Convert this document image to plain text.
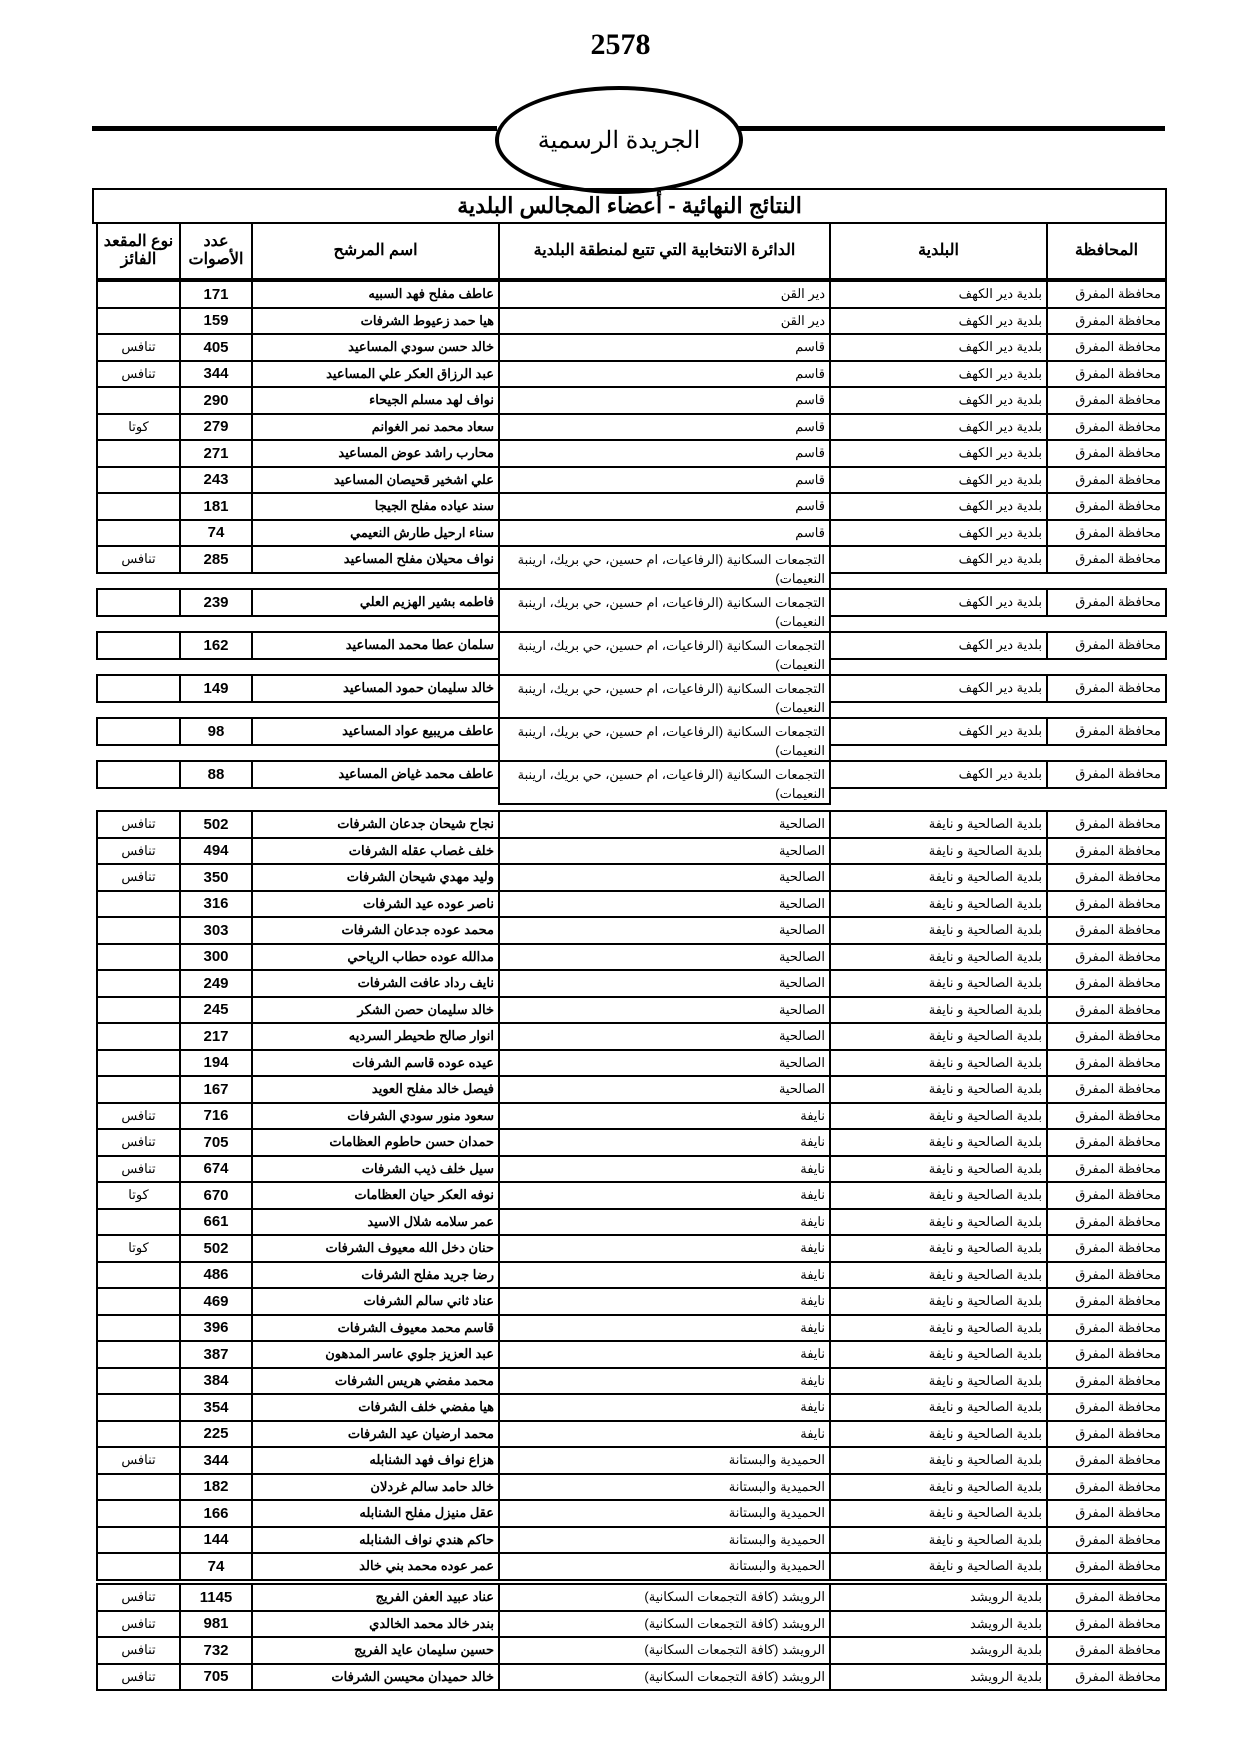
2578
الجريدة الرسمية
النتائج النهائية - أعضاء المجالس البلدية
المحافظة
البلدية
الدائرة الانتخابية التي تتبع لمنطقة البلدية
اسم المرشح
عدد الأصوات
نوع المقعد الفائز
محافظة المفرق
بلدية دير الكهف
دير القن
عاطف مفلح فهد السبيه
171
محافظة المفرق
بلدية دير الكهف
دير القن
هيا حمد زعيوط الشرفات
159
محافظة المفرق
بلدية دير الكهف
قاسم
خالد حسن سودي المساعيد
405
تنافس
محافظة المفرق
بلدية دير الكهف
قاسم
عبد الرزاق العكر علي المساعيد
344
تنافس
محافظة المفرق
بلدية دير الكهف
قاسم
نواف لهد مسلم الجيحاء
290
محافظة المفرق
بلدية دير الكهف
قاسم
سعاد محمد نمر الغوانم
279
كوتا
محافظة المفرق
بلدية دير الكهف
قاسم
محارب راشد عوض المساعيد
271
محافظة المفرق
بلدية دير الكهف
قاسم
علي اشخير قحيصان المساعيد
243
محافظة المفرق
بلدية دير الكهف
قاسم
سند عياده مفلح الجيجا
181
محافظة المفرق
بلدية دير الكهف
قاسم
سناء ارحيل طارش النعيمي
74
محافظة المفرق
بلدية دير الكهف
التجمعات السكانية (الرفاعيات، ام حسين، حي بريك، ارينبة النعيمات)
نواف محيلان مفلح المساعيد
285
تنافس
محافظة المفرق
بلدية دير الكهف
التجمعات السكانية (الرفاعيات، ام حسين، حي بريك، ارينبة النعيمات)
فاطمه بشير الهزيم العلي
239
محافظة المفرق
بلدية دير الكهف
التجمعات السكانية (الرفاعيات، ام حسين، حي بريك، ارينبة النعيمات)
سلمان عطا محمد المساعيد
162
محافظة المفرق
بلدية دير الكهف
التجمعات السكانية (الرفاعيات، ام حسين، حي بريك، ارينبة النعيمات)
خالد سليمان حمود المساعيد
149
محافظة المفرق
بلدية دير الكهف
التجمعات السكانية (الرفاعيات، ام حسين، حي بريك، ارينبة النعيمات)
عاطف مريبيع عواد المساعيد
98
محافظة المفرق
بلدية دير الكهف
التجمعات السكانية (الرفاعيات، ام حسين، حي بريك، ارينبة النعيمات)
عاطف محمد غياض المساعيد
88
محافظة المفرق
بلدية الصالحية و نايفة
الصالحية
نجاح شيحان جدعان الشرفات
502
تنافس
محافظة المفرق
بلدية الصالحية و نايفة
الصالحية
خلف غصاب عقله الشرفات
494
تنافس
محافظة المفرق
بلدية الصالحية و نايفة
الصالحية
وليد مهدي شيحان الشرفات
350
تنافس
محافظة المفرق
بلدية الصالحية و نايفة
الصالحية
ناصر عوده عيد الشرفات
316
محافظة المفرق
بلدية الصالحية و نايفة
الصالحية
محمد عوده جدعان الشرفات
303
محافظة المفرق
بلدية الصالحية و نايفة
الصالحية
مدالله عوده حطاب الرياحي
300
محافظة المفرق
بلدية الصالحية و نايفة
الصالحية
نايف رداد عافت الشرفات
249
محافظة المفرق
بلدية الصالحية و نايفة
الصالحية
خالد سليمان حصن الشكر
245
محافظة المفرق
بلدية الصالحية و نايفة
الصالحية
انوار صالح طحيطر السرديه
217
محافظة المفرق
بلدية الصالحية و نايفة
الصالحية
عيده عوده قاسم الشرفات
194
محافظة المفرق
بلدية الصالحية و نايفة
الصالحية
فيصل خالد مفلح العويد
167
محافظة المفرق
بلدية الصالحية و نايفة
نايفة
سعود منور سودي الشرفات
716
تنافس
محافظة المفرق
بلدية الصالحية و نايفة
نايفة
حمدان حسن حاطوم العظامات
705
تنافس
محافظة المفرق
بلدية الصالحية و نايفة
نايفة
سيل خلف ذيب الشرفات
674
تنافس
محافظة المفرق
بلدية الصالحية و نايفة
نايفة
نوفه العكر حيان العظامات
670
كوتا
محافظة المفرق
بلدية الصالحية و نايفة
نايفة
عمر سلامه شلال الاسيد
661
محافظة المفرق
بلدية الصالحية و نايفة
نايفة
حنان دخل الله معيوف الشرفات
502
كوتا
محافظة المفرق
بلدية الصالحية و نايفة
نايفة
رضا جريد مفلح الشرفات
486
محافظة المفرق
بلدية الصالحية و نايفة
نايفة
عناد ثاني سالم الشرفات
469
محافظة المفرق
بلدية الصالحية و نايفة
نايفة
قاسم محمد معيوف الشرفات
396
محافظة المفرق
بلدية الصالحية و نايفة
نايفة
عبد العزيز جلوي عاسر المدهون
387
محافظة المفرق
بلدية الصالحية و نايفة
نايفة
محمد مفضي هريس الشرفات
384
محافظة المفرق
بلدية الصالحية و نايفة
نايفة
هيا مفضي خلف الشرفات
354
محافظة المفرق
بلدية الصالحية و نايفة
نايفة
محمد ارضيان عيد الشرفات
225
محافظة المفرق
بلدية الصالحية و نايفة
الحميدية والبستانة
هزاع نواف فهد الشنابله
344
تنافس
محافظة المفرق
بلدية الصالحية و نايفة
الحميدية والبستانة
خالد حامد سالم غردلان
182
محافظة المفرق
بلدية الصالحية و نايفة
الحميدية والبستانة
عقل منيزل مفلح الشنابله
166
محافظة المفرق
بلدية الصالحية و نايفة
الحميدية والبستانة
حاكم هندي نواف الشنابله
144
محافظة المفرق
بلدية الصالحية و نايفة
الحميدية والبستانة
عمر عوده محمد بني خالد
74
محافظة المفرق
بلدية الرويشد
الرويشد (كافة التجمعات السكانية)
عناد عبيد العفن الفريج
1145
تنافس
محافظة المفرق
بلدية الرويشد
الرويشد (كافة التجمعات السكانية)
بندر خالد محمد الخالدي
981
تنافس
محافظة المفرق
بلدية الرويشد
الرويشد (كافة التجمعات السكانية)
حسين سليمان عايد الفريج
732
تنافس
محافظة المفرق
بلدية الرويشد
الرويشد (كافة التجمعات السكانية)
خالد حميدان محيسن الشرفات
705
تنافس
